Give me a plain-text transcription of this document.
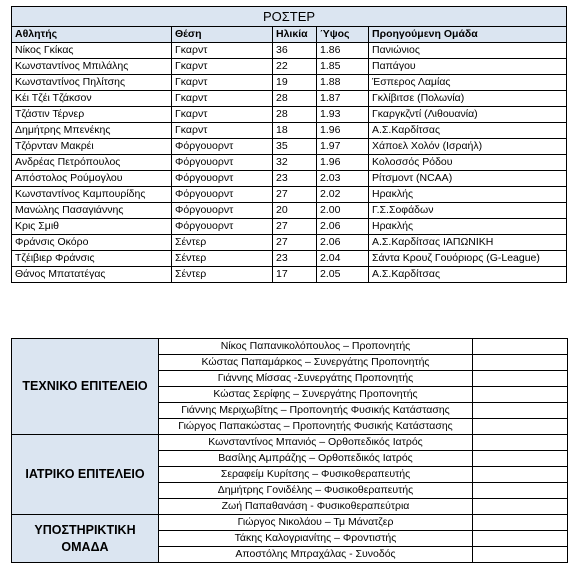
ΡΟΣΤΕΡ				
Αθλητής	Θέση	Ηλικία	Ύψος	Προηγούμενη Ομάδα
Νίκος Γκίκας	Γκαρντ	36	1.86	Πανιώνιος
Κωνσταντίνος Μπιλάλης	Γκαρντ	22	1.85	Παπάγου
Κωνσταντίνος Πηλίτσης	Γκαρντ	19	1.88	Έσπερος Λαμίας
Κέι Τζέι Τζάκσον	Γκαρντ	28	1.87	Γκλίβιτσε (Πολωνία)
Τζάστιν Τέρνερ	Γκαρντ	28	1.93	Γκαργκζντί (Λιθουανία)
Δημήτρης Μπενέκης	Γκαρντ	18	1.96	Α.Σ.Καρδίτσας
Τζόρνταν Μακρέι	Φόργουορντ	35	1.97	Χάποελ Χολόν (Ισραήλ)
Ανδρέας Πετρόπουλος	Φόργουορντ	32	1.96	Κολοσσός Ρόδου
Απόστολος Ρούμογλου	Φόργουορντ	23	2.03	Ρίτσμοντ (NCAA)
Κωνσταντίνος Καμπουρίδης	Φόργουορντ	27	2.02	Ηρακλής
Μανώλης Πασαγιάννης	Φόργουορντ	20	2.00	Γ.Σ.Σοφάδων
Κρις Σμιθ	Φόργουορντ	27	2.06	Ηρακλής
Φράνσις Οκόρο	Σέντερ	27	2.06	Α.Σ.Καρδίτσας ΙΑΠΩΝΙΚΗ
Τζέιβιερ Φράνσις	Σέντερ	23	2.04	Σάντα Κρουζ Γουόριορς (G-League)
Θάνος Μπατατέγας	Σέντερ	17	2.05	Α.Σ.Καρδίτσας
ΤΕΧΝΙΚΟ ΕΠΙΤΕΛΕΙΟ	Νίκος Παπανικολόπουλος – Προπονητής	
	Κώστας Παπαμάρκος – Συνεργάτης Προπονητής	
	Γιάννης Μίσσας -Συνεργάτης Προπονητής	
	Κώστας Σερίφης – Συνεργάτης Προπονητής	
	Γιάννης Μεριχωβίτης – Προπονητής Φυσικής Κατάστασης	
	Γιώργος Παπακώστας – Προπονητής Φυσικής Κατάστασης	
ΙΑΤΡΙΚΟ ΕΠΙΤΕΛΕΙΟ	Κωνσταντίνος Μπανιός – Ορθοπεδικός Ιατρός	
	Βασίλης Αμπράζης – Ορθοπεδικός Ιατρός	
	Σεραφείμ Κυρίτσης – Φυσικοθεραπευτής	
	Δημήτρης Γονιδέλης – Φυσικοθεραπευτής	
	Ζωή Παπαθανάση - Φυσικοθεραπεύτρια	
ΥΠΟΣΤΗΡΙΚΤΙΚΗ ΟΜΑΔΑ	Γιώργος Νικολάου – Τμ Μάνατζερ	
	Τάκης Καλογριανίτης – Φροντιστής	
	Αποστόλης Μπραχάλας - Συνοδός	
